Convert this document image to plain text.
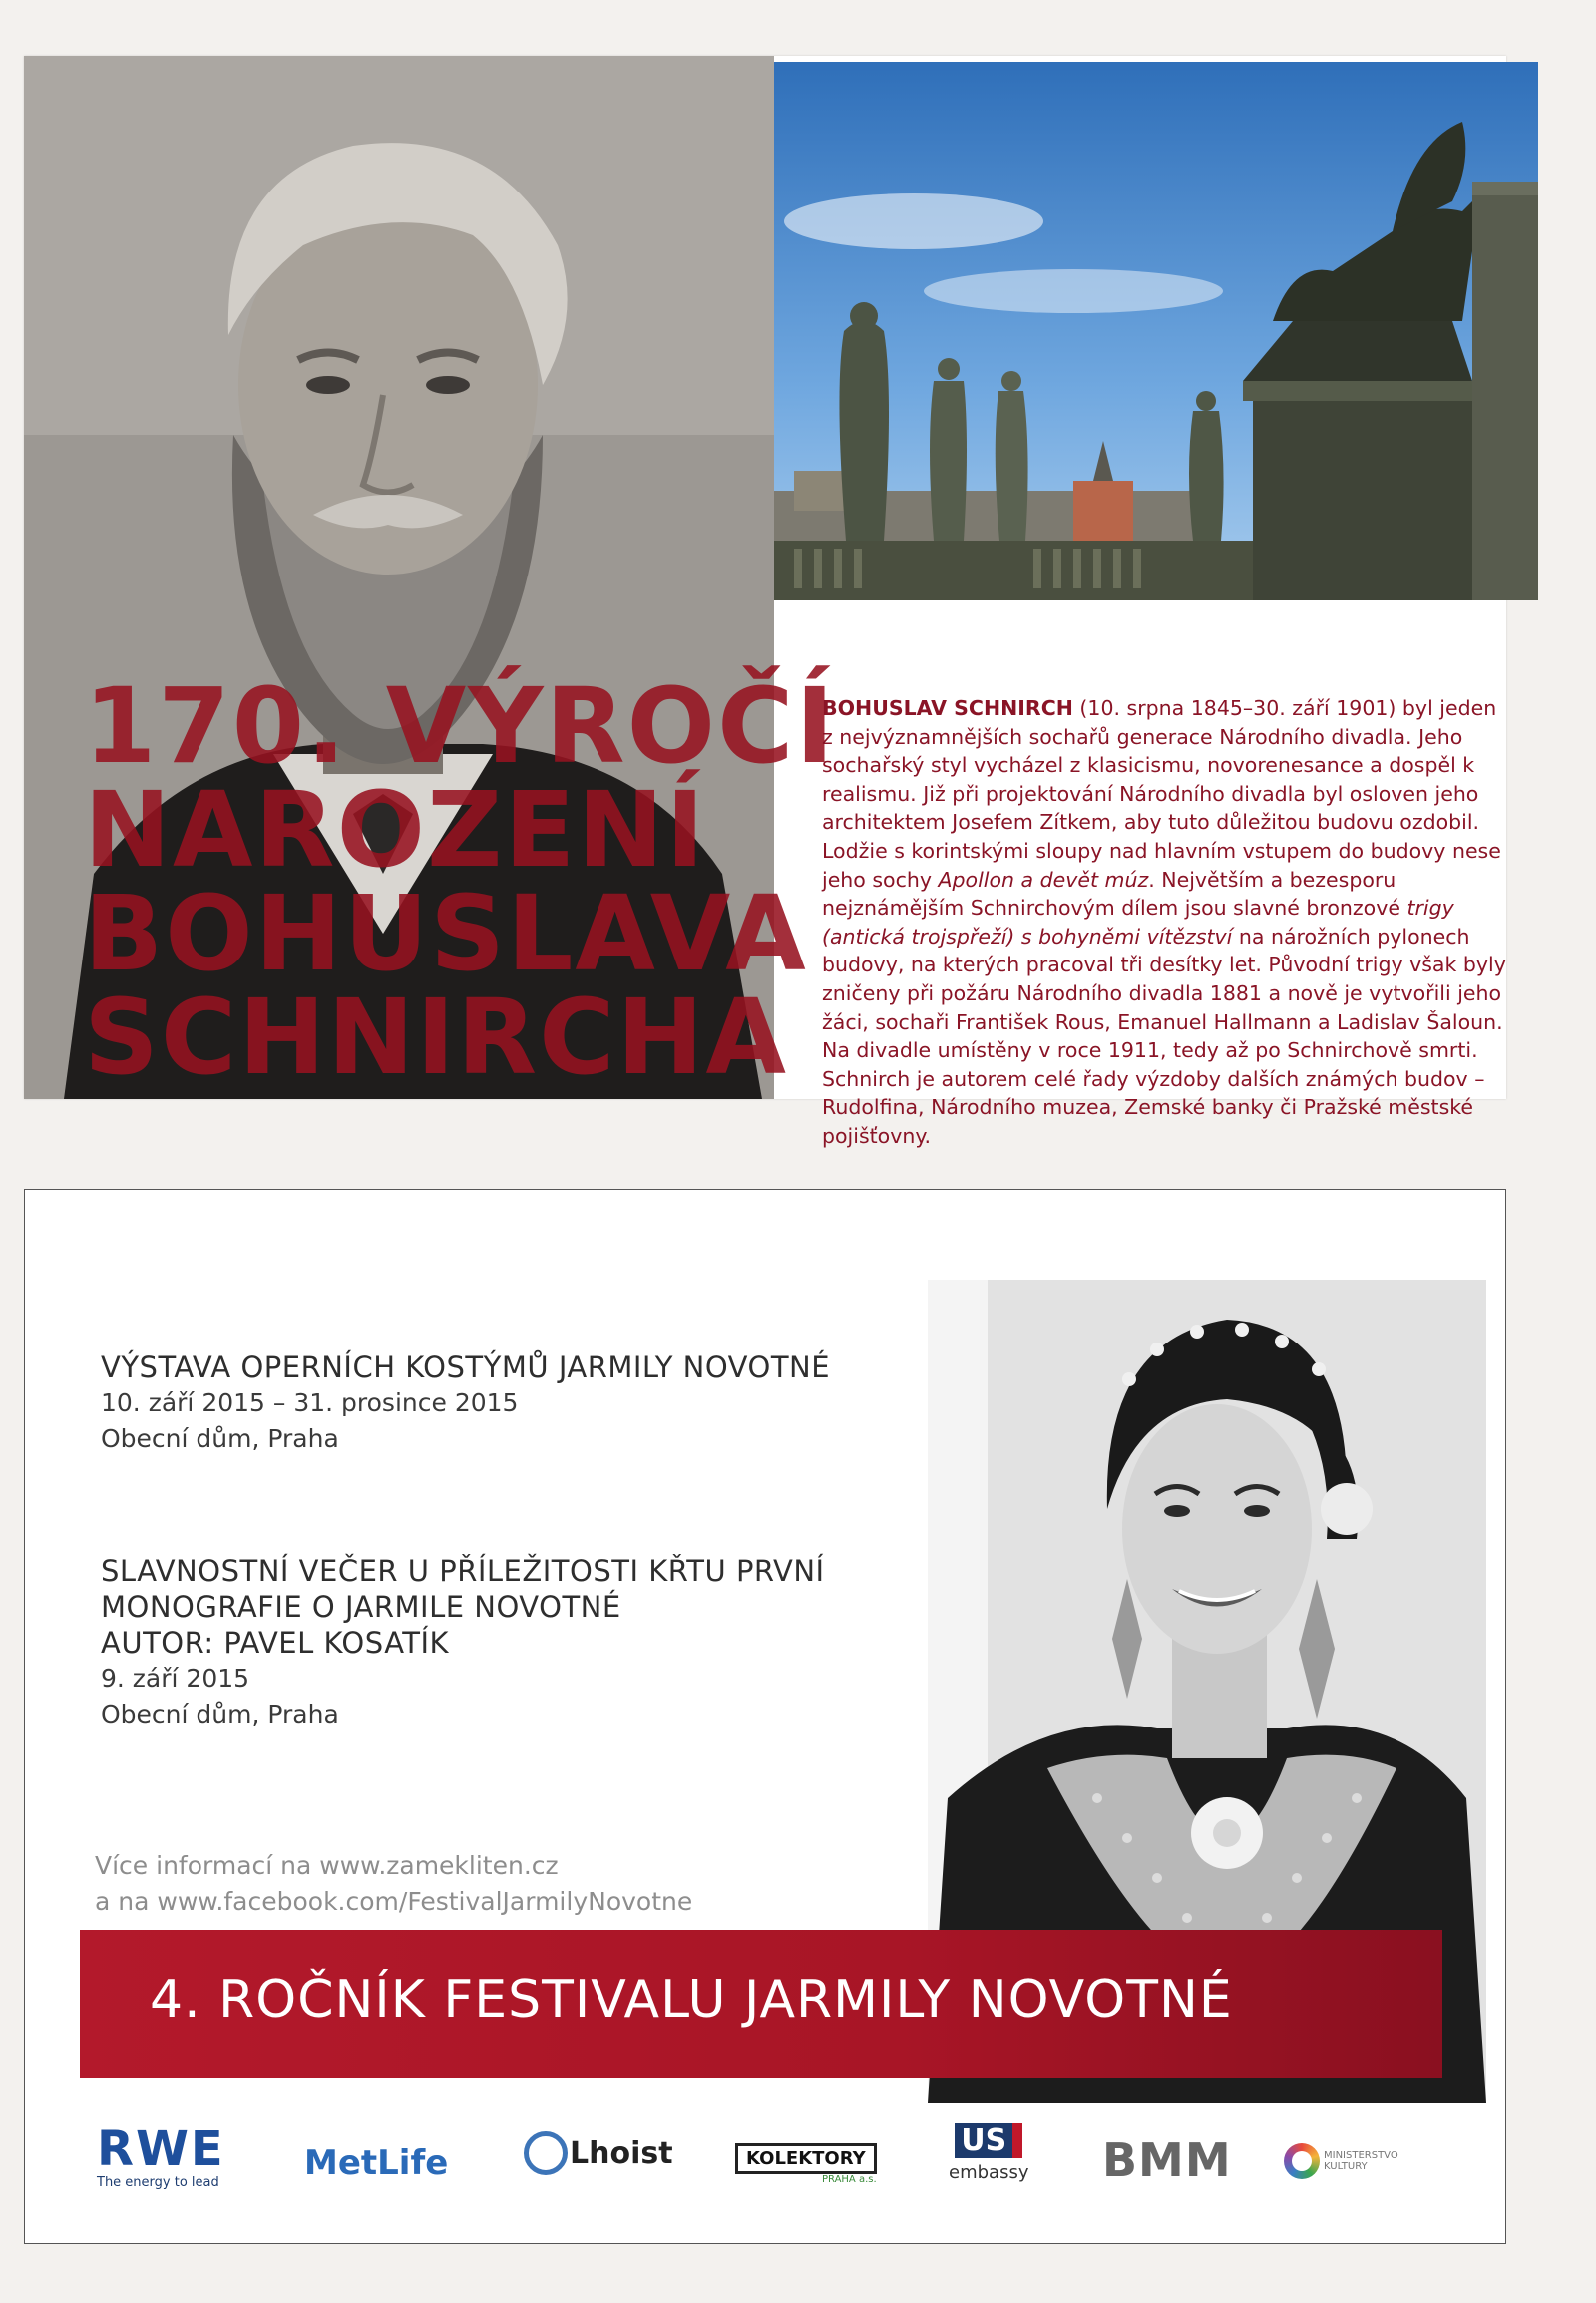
170. VÝROČÍ
NAROZENÍ
BOHUSLAVA
SCHNIRCHA
BOHUSLAV SCHNIRCH (10. srpna 1845–30. září 1901) byl jeden z nejvýznamnějších sochařů generace Národního divadla. Jeho sochařský styl vycházel z klasicismu, novorenesance a dospěl k realismu. Již při projektování Národního divadla byl osloven jeho architektem Josefem Zítkem, aby tuto důležitou budovu ozdobil. Lodžie s korintskými sloupy nad hlavním vstupem do budovy nese jeho sochy Apollon a devět múz. Největším a bezesporu nejznámějším Schnirchovým dílem jsou slavné bronzové trigy (antická trojspřeží) s bohyněmi vítězství na nárožních pylonech budovy, na kterých pracoval tři desítky let. Původní trigy však byly zničeny při požáru Národního divadla 1881 a nově je vytvořili jeho žáci, sochaři František Rous, Emanuel Hallmann a Ladislav Šaloun. Na divadle umístěny v roce 1911, tedy až po Schnirchově smrti. Schnirch je autorem celé řady výzdoby dalších známých budov – Rudolfina, Národního muzea, Zemské banky či Pražské městské pojišťovny.
VÝSTAVA OPERNÍCH KOSTÝMŮ JARMILY NOVOTNÉ
10. září 2015 – 31. prosince 2015
Obecní dům, Praha
SLAVNOSTNÍ VEČER U PŘÍLEŽITOSTI KŘTU PRVNÍ
MONOGRAFIE O JARMILE NOVOTNÉ
AUTOR: PAVEL KOSATÍK
9. září 2015
Obecní dům, Praha
Více informací na www.zamekliten.cz
a na www.facebook.com/FestivalJarmilyNovotne
4. ROČNÍK FESTIVALU JARMILY NOVOTNÉ
RWE
The energy to lead	MetLife	Lhoist	KOLEKTORY
PRAHA a.s.
US
embassy BMM	MINISTERSTVO
KULTURY
